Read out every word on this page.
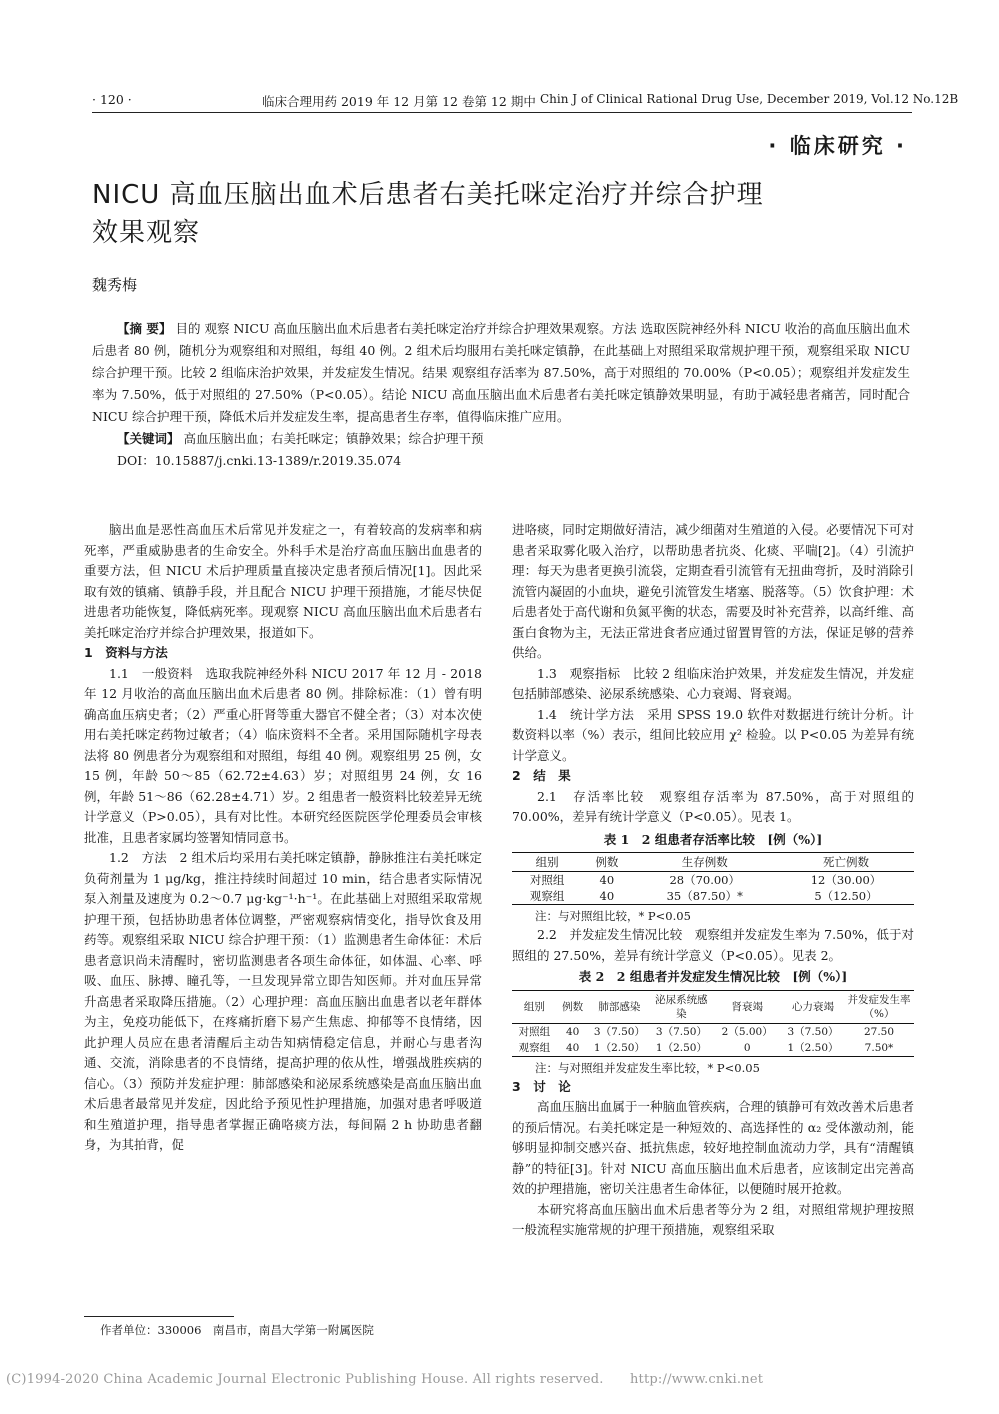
· 120 ·	临床合理用药 2019 年 12 月第 12 卷第 12 期中 Chin J of Clinical Rational Drug Use, December 2019, Vol.12 No.12B
· 临床研究 ·
NICU 高血压脑出血术后患者右美托咪定治疗并综合护理
效果观察
魏秀梅
【摘 要】 目的 观察 NICU 高血压脑出血术后患者右美托咪定治疗并综合护理效果观察。方法 选取医院神经外科 NICU 收治的高血压脑出血术后患者 80 例，随机分为观察组和对照组，每组 40 例。2 组术后均服用右美托咪定镇静，在此基础上对照组采取常规护理干预，观察组采取 NICU 综合护理干预。比较 2 组临床治护效果，并发症发生情况。结果 观察组存活率为 87.50%，高于对照组的 70.00%（P<0.05）；观察组并发症发生率为 7.50%，低于对照组的 27.50%（P<0.05）。结论 NICU 高血压脑出血术后患者右美托咪定镇静效果明显，有助于减轻患者痛苦，同时配合 NICU 综合护理干预，降低术后并发症发生率，提高患者生存率，值得临床推广应用。
【关键词】 高血压脑出血；右美托咪定；镇静效果；综合护理干预
DOI：10.15887/j.cnki.13-1389/r.2019.35.074

脑出血是恶性高血压术后常见并发症之一，有着较高的发病率和病死率，严重威胁患者的生命安全。外科手术是治疗高血压脑出血患者的重要方法，但 NICU 术后护理质量直接决定患者预后情况[1]。因此采取有效的镇痛、镇静手段，并且配合 NICU 护理干预措施，才能尽快促进患者功能恢复，降低病死率。现观察 NICU 高血压脑出血术后患者右美托咪定治疗并综合护理效果，报道如下。

1　资料与方法

1.1　一般资料　选取我院神经外科 NICU 2017 年 12 月 - 2018 年 12 月收治的高血压脑出血术后患者 80 例。排除标准：（1）曾有明确高血压病史者；（2）严重心肝肾等重大器官不健全者；（3）对本次使用右美托咪定药物过敏者；（4）临床资料不全者。采用国际随机字母表法将 80 例患者分为观察组和对照组，每组 40 例。观察组男 25 例，女 15 例，年龄 50～85（62.72±4.63）岁；对照组男 24 例，女 16 例，年龄 51～86（62.28±4.71）岁。2 组患者一般资料比较差异无统计学意义（P>0.05），具有对比性。本研究经医院医学伦理委员会审核批准，且患者家属均签署知情同意书。

1.2　方法　2 组术后均采用右美托咪定镇静，静脉推注右美托咪定负荷剂量为 1 μg/kg，推注持续时间超过 10 min，结合患者实际情况泵入剂量及速度为 0.2～0.7 μg·kg⁻¹·h⁻¹。在此基础上对照组采取常规护理干预，包括协助患者体位调整，严密观察病情变化，指导饮食及用药等。观察组采取 NICU 综合护理干预：（1）监测患者生命体征：术后患者意识尚未清醒时，密切监测患者各项生命体征，如体温、心率、呼吸、血压、脉搏、瞳孔等，一旦发现异常立即告知医师。并对血压异常升高患者采取降压措施。（2）心理护理：高血压脑出血患者以老年群体为主，免疫功能低下，在疼痛折磨下易产生焦虑、抑郁等不良情绪，因此护理人员应在患者清醒后主动告知病情稳定信息，并耐心与患者沟通、交流，消除患者的不良情绪，提高护理的依从性，增强战胜疾病的信心。（3）预防并发症护理：肺部感染和泌尿系统感染是高血压脑出血术后患者最常见并发症，因此给予预见性护理措施，加强对患者呼吸道和生殖道护理，指导患者掌握正确咯痰方法，每间隔 2 h 协助患者翻身，为其拍背，促

作者单位：330006　南昌市，南昌大学第一附属医院

进咯痰，同时定期做好清洁，减少细菌对生殖道的入侵。必要情况下可对患者采取雾化吸入治疗，以帮助患者抗炎、化痰、平喘[2]。（4）引流护理：每天为患者更换引流袋，定期查看引流管有无扭曲弯折，及时消除引流管内凝固的小血块，避免引流管发生堵塞、脱落等。（5）饮食护理：术后患者处于高代谢和负氮平衡的状态，需要及时补充营养，以高纤维、高蛋白食物为主，无法正常进食者应通过留置胃管的方法，保证足够的营养供给。

1.3　观察指标　比较 2 组临床治护效果，并发症发生情况，并发症包括肺部感染、泌尿系统感染、心力衰竭、肾衰竭。

1.4　统计学方法　采用 SPSS 19.0 软件对数据进行统计分析。计数资料以率（%）表示，组间比较应用 χ² 检验。以 P<0.05 为差异有统计学意义。

2　结　果

2.1　存活率比较　观察组存活率为 87.50%，高于对照组的 70.00%，差异有统计学意义（P<0.05）。见表 1。

表 1　2 组患者存活率比较　[例（%）]
组别	例数	生存例数	死亡例数
对照组	40	28（70.00）	12（30.00）
观察组	40	35（87.50）*	5（12.50）
注：与对照组比较，* P<0.05

2.2　并发症发生情况比较　观察组并发症发生率为 7.50%，低于对照组的 27.50%，差异有统计学意义（P<0.05）。见表 2。

表 2　2 组患者并发症发生情况比较　[例（%）]
组别	例数	肺部感染	泌尿系统感染	肾衰竭	心力衰竭	并发症发生率（%）
对照组	40	3（7.50）	3（7.50）	2（5.00）	3（7.50）	27.50
观察组	40	1（2.50）	1（2.50）	0	1（2.50）	7.50*
注：与对照组并发症发生率比较，* P<0.05

3　讨　论

高血压脑出血属于一种脑血管疾病，合理的镇静可有效改善术后患者的预后情况。右美托咪定是一种短效的、高选择性的 α₂ 受体激动剂，能够明显抑制交感兴奋、抵抗焦虑，较好地控制血流动力学，具有“清醒镇静”的特征[3]。针对 NICU 高血压脑出血术后患者，应该制定出完善高效的护理措施，密切关注患者生命体征，以便随时展开抢救。

本研究将高血压脑出血术后患者等分为 2 组，对照组常规护理按照一般流程实施常规的护理干预措施，观察组采取

(C)1994-2020 China Academic Journal Electronic Publishing House. All rights reserved.　　http://www.cnki.net
